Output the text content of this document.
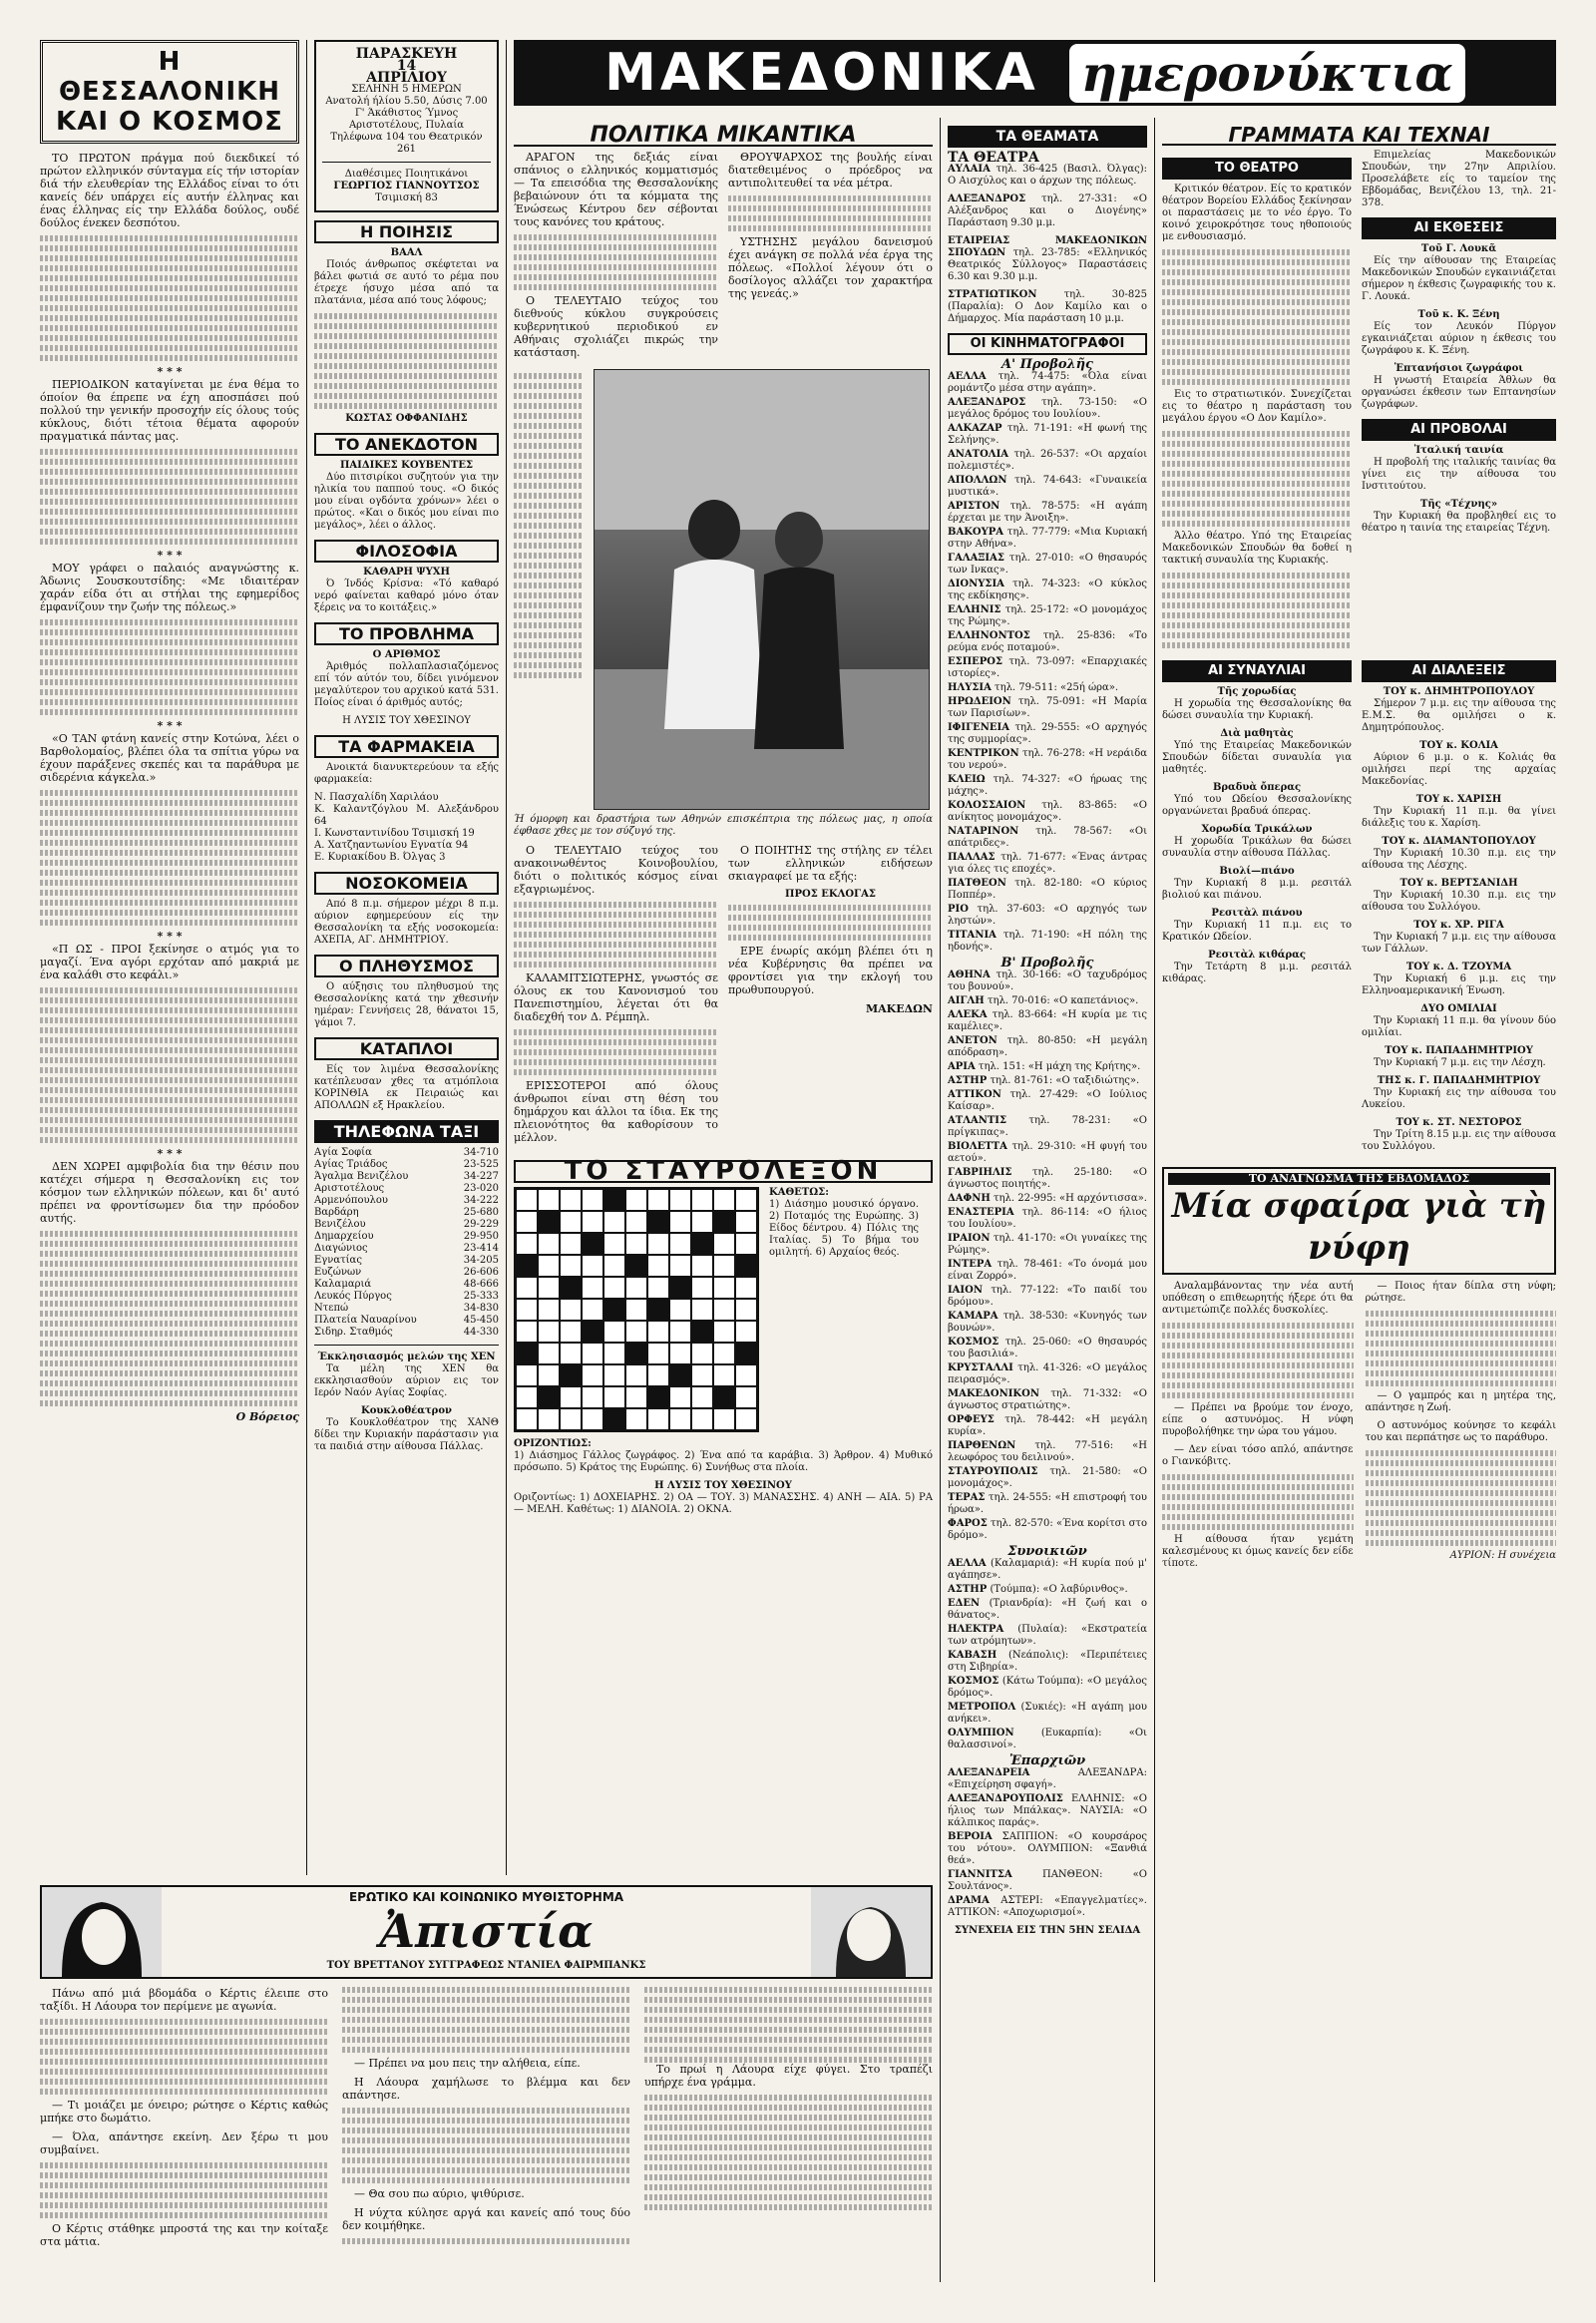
Η ΘΕΣΣΑΛΟΝΙΚΗ
ΚΑΙ Ο ΚΟΣΜΟΣ

ΤΟ ΠΡΩΤΟΝ πράγμα πού διεκδικεί τό πρώτον ελληνικόν σύνταγμα είς τήν ιστορίαν διά τήν ελευθερίαν της Ελλάδος είναι το ότι κανείς δέν υπάρχει είς αυτήν έλληνας και ένας έλληνας είς την Ελλάδα δούλος, ουδέ δούλος ένεκεν δεσπότου.

* * *

ΠΕΡΙΟΔΙΚΟΝ καταγίνεται με ένα θέμα το όποίον θα έπρεπε να έχη αποσπάσει πού πολλού την γενικήν προσοχήν είς όλους τούς κύκλους, διότι τέτοια θέματα αφορούν πραγματικά πάντας μας.

* * *

ΜΟΥ γράφει ο παλαιός αναγνώστης κ. Άδωνις Σουσκουτσίδης: «Με ιδιαιτέραν χαράν είδα ότι αι στήλαι της εφημερίδος έμφανίζουν την ζωήν της πόλεως.»

* * *

«Ο ΤΑΝ φτάνη κανείς στην Κοτώνα, λέει ο Βαρθολομαίος, βλέπει όλα τα σπίτια γύρω να έχουν παράξενες σκεπές και τα παράθυρα με σιδερένια κάγκελα.»

* * *

«Π ΩΣ - ΠΡΟΙ ξεκίνησε ο ατμός για το μαγαζί. Ένα αγόρι ερχόταν από μακριά με ένα καλάθι στο κεφάλι.»

* * *

ΔΕΝ ΧΩΡΕΙ αμφιβολία δια την θέσιν που κατέχει σήμερα η Θεσσαλονίκη εις τον κόσμον των ελληνικών πόλεων, και δι' αυτό πρέπει να φροντίσωμεν δια την πρόοδον αυτής.

Ο Βόρειος
ΠΑΡΑΣΚΕΥΗ
14
ΑΠΡΙΛΙΟΥ
ΣΕΛΗΝΗ 5 ΗΜΕΡΩΝ
Ανατολή ήλίου 5.50, Δύσις 7.00
Γ' Άκάθιστος Ύμνος
Αριστοτέλους, Πυλαία
Τηλέφωνα 104 του Θεατρικόν 261
Διαθέσιμες Ποιητικάνοι
ΓΕΩΡΓΙΟΣ ΓΙΑΝΝΟΥΤΣΟΣ
Τσιμισκή 83
Η ΠΟΙΗΣΙΣ
ΒΑΑΛ

Ποιός άνθρωπος σκέφτεται να βάλει φωτιά σε αυτό το ρέμα που έτρεχε ήσυχο μέσα από τα πλατάνια, μέσα από τους λόφους;

ΚΩΣΤΑΣ ΟΦΦΑΝΙΔΗΣ
ΤΟ ΑΝΕΚΔΟΤΟΝ
ΠΑΙΔΙΚΕΣ ΚΟΥΒΕΝΤΕΣ

Δύο πιτσιρίκοι συζητούν για την ηλικία του παππού τους. «Ο δικός μου είναι ογδόντα χρόνων» λέει ο πρώτος. «Και ο δικός μου είναι πιο μεγάλος», λέει ο άλλος.

ΦΙΛΟΣΟΦΙΑ
ΚΑΘΑΡΗ ΨΥΧΗ

Ό Ίνδός Κρίσνα: «Τό καθαρό νερό φαίνεται καθαρό μόνο όταν ξέρεις να το κοιτάξεις.»

ΤΟ ΠΡΟΒΛΗΜΑ
Ο ΑΡΙΘΜΟΣ

Άριθμός πολλαπλασιαζόμενος επί τόν αύτόν του, δίδει γινόμενον μεγαλύτερον του αρχικού κατά 531. Ποίος είναι ό άριθμός αυτός;

Η ΛΥΣΙΣ ΤΟΥ ΧΘΕΣΙΝΟΥ
ΤΑ ΦΑΡΜΑΚΕΙΑ

Ανοικτά διανυκτερεύουν τα εξής φαρμακεία:

Ν. Πασχαλίδη Χαριλάου
Κ. Καλαντζόγλου Μ. Αλεξάνδρου 64
Ι. Κωνσταντινίδου Τσιμισκή 19
Α. Χατζηαντωνίου Εγνατία 94
Ε. Κυριακίδου Β. Όλγας 3
ΝΟΣΟΚΟΜΕΙΑ

Από 8 π.μ. σήμερον μέχρι 8 π.μ. αύριον εφημερεύουν είς την Θεσσαλονίκη τα εξής νοσοκομεία: ΑΧΕΠΑ, ΑΓ. ΔΗΜΗΤΡΙΟΥ.

Ο ΠΛΗΘΥΣΜΟΣ

Ο αύξησις του πληθυσμού της Θεσσαλονίκης κατά την χθεσινήν ημέραν: Γεννήσεις 28, θάνατοι 15, γάμοι 7.

ΚΑΤΑΠΛΟΙ

Είς τον λιμένα Θεσσαλονίκης κατέπλευσαν χθες τα ατμόπλοια ΚΟΡΙΝΘΙΑ εκ Πειραιώς και ΑΠΟΛΛΩΝ εξ Ηρακλείου.

ΤΗΛΕΦΩΝΑ ΤΑΞΙ
Αγία Σοφία	34-710
Αγίας Τριάδος	23-525
Άγαλμα Βενιζέλου	34-227
Αριστοτέλους	23-020
Αρμενόπουλου	34-222
Βαρδάρη	25-680
Βενιζέλου	29-229
Δημαρχείου	29-950
Διαγώνιος	23-414
Εγνατίας	34-205
Ευζώνων	26-606
Καλαμαριά	48-666
Λευκός Πύργος	25-333
Ντεπώ	34-830
Πλατεία Ναυαρίνου	45-450
Σιδηρ. Σταθμός	44-330
Έκκλησιασμός μελών της ΧΕΝ

Τα μέλη της ΧΕΝ θα εκκλησιασθούν αύριον εις τον Ιερόν Ναόν Αγίας Σοφίας.

Κουκλοθέατρον

Το Κουκλοθέατρον της ΧΑΝΘ δίδει την Κυριακήν παράστασιν για τα παιδιά στην αίθουσα Πάλλας.

ΜΑΚΕΔΟΝΙΚΑ ημερονύκτια
ΠΟΛΙΤΙΚΑ ΜΙΚΑΝΤΙΚΑ

ΑΡΑΓΟΝ της δεξιάς είναι σπάνιος ο ελληνικός κομματισμός — Τα επεισόδια της Θεσσαλονίκης βεβαιώνουν ότι τα κόμματα της Ένώσεως Κέντρου δεν σέβονται τους κανόνες του κράτους.

Ο ΤΕΛΕΥΤΑΙΟ τεύχος του διεθνούς κύκλου συγκρούσεις κυβερνητικού περιοδικού εν Αθήναις σχολιάζει πικρώς την κατάσταση.

ΘΡΟΥΨΑΡΧΟΣ της βουλής είναι διατεθειμένος ο πρόεδρος να αντιπολιτευθεί τα νέα μέτρα.

ΥΣΤΗΣΗΣ μεγάλου δανεισμού έχει ανάγκη σε πολλά νέα έργα της πόλεως. «Πολλοί λέγουν ότι ο δοσίλογος αλλάζει τον χαρακτήρα της γενεάς.»

Ή όμορφη και δραστήρια των Αθηνών επισκέπτρια της πόλεως μας, η οποία έφθασε χθες με τον σύζυγό της.

Ο ΤΕΛΕΥΤΑΙΟ τεύχος του ανακοινωθέντος Κοινοβουλίου, διότι ο πολιτικός κόσμος είναι εξαγριωμένος.

ΚΑΛΑΜΙΤΣΙΩΤΕΡΗΣ, γνωστός σε όλους εκ του Κανονισμού του Πανεπιστημίου, λέγεται ότι θα διαδεχθή τον Δ. Ρέμπηλ.

ΕΡΙΣΣΟΤΕΡΟΙ από όλους άνθρωποι είναι στη θέση του δημάρχου και άλλοι τα ίδια. Εκ της πλειονότητος θα καθορίσουν το μέλλον.

Ο ΠΟΙΗΤΗΣ της στήλης εν τέλει των ελληνικών ειδήσεων σκιαγραφεί με τα εξής:

ΠΡΟΣ ΕΚΛΟΓΑΣ

ΕΡΕ ένωρίς ακόμη βλέπει ότι η νέα Κυβέρνησις θα πρέπει να φροντίσει για την εκλογή του πρωθυπουργού.

ΜΑΚΕΔΩΝ
ΤΟ ΣΤΑΥΡΟΛΕΞΟΝ
ΚΑΘΕΤΩΣ:

1) Διάσημο μουσικό όργανο. 2) Ποταμός της Ευρώπης. 3) Είδος δέντρου. 4) Πόλις της Ιταλίας. 5) Το βήμα του ομιλητή. 6) Αρχαίος θεός.

ΟΡΙΖΟΝΤΙΩΣ:

1) Διάσημος Γάλλος ζωγράφος. 2) Ένα από τα καράβια. 3) Άρθρον. 4) Μυθικό πρόσωπο. 5) Κράτος της Ευρώπης. 6) Συνήθως στα πλοία.

Η ΛΥΣΙΣ ΤΟΥ ΧΘΕΣΙΝΟΥ

Οριζοντίως: 1) ΔΟΧΕΙΑΡΗΣ. 2) ΟΑ — ΤΟΥ. 3) ΜΑΝΑΣΣΗΣ. 4) ΑΝΗ — ΑΙΑ. 5) ΡΑ — ΜΕΛΗ. Καθέτως: 1) ΔΙΑΝΟΙΑ. 2) ΟΚΝΑ.

ΤΑ ΘΕΑΜΑΤΑ
ΤΑ ΘΕΑΤΡΑ

ΑΥΛΑΙΑ τηλ. 36-425 (Βασιλ. Όλγας): Ο Αισχύλος και ο άρχων της πόλεως.

ΑΛΕΞΑΝΔΡΟΣ τηλ. 27-331: «Ο Αλέξανδρος και ο Διογένης» Παράσταση 9.30 μ.μ.

ΕΤΑΙΡΕΙΑΣ ΜΑΚΕΔΟΝΙΚΩΝ ΣΠΟΥΔΩΝ τηλ. 23-785: «Ελληνικός Θεατρικός Σύλλογος» Παραστάσεις 6.30 και 9.30 μ.μ.

ΣΤΡΑΤΙΩΤΙΚΟΝ	τηλ. 30-825 (Παραλία): Ο Δον Καμίλο και ο Δήμαρχος. Μία παράσταση 10 μ.μ.

ΟΙ ΚΙΝΗΜΑΤΟΓΡΑΦΟΙ
Α' Προβολῆς

ΑΕΛΛΑ τηλ. 74-475: «Όλα είναι ρομάντζο μέσα στην αγάπη».

ΑΛΕΞΑΝΔΡΟΣ τηλ. 73-150: «Ο μεγάλος δρόμος του Ιουλίου».

ΑΛΚΑΖΑΡ τηλ. 71-191: «Η φωνή της Σελήνης».

ΑΝΑΤΟΛΙΑ τηλ. 26-537: «Οι αρχαίοι πολεμιστές».

ΑΠΟΛΛΩΝ τηλ. 74-643: «Γυναικεία μυστικά».

ΑΡΙΣΤΟΝ τηλ. 78-575: «Η αγάπη έρχεται με την Άνοιξη».

ΒΑΚΟΥΡΑ τηλ. 77-779: «Μια Κυριακή στην Αθήνα».

ΓΑΛΑΞΙΑΣ τηλ. 27-010: «Ο θησαυρός των Ινκας».

ΔΙΟΝΥΣΙΑ τηλ. 74-323: «Ο κύκλος της εκδίκησης».

ΕΛΛΗΝΙΣ τηλ. 25-172: «Ο μονομάχος της Ρώμης».

ΕΛΛΗΝΟΝΤΟΣ τηλ. 25-836: «Το ρεύμα ενός ποταμού».

ΕΣΠΕΡΟΣ τηλ. 73-097: «Επαρχιακές ιστορίες».

ΗΛΥΣΙΑ τηλ. 79-511: «25ή ώρα».

ΗΡΩΔΕΙΟΝ τηλ. 75-091: «Η Μαρία των Παρισίων».

ΙΦΙΓΕΝΕΙΑ τηλ. 29-555: «Ο αρχηγός της συμμορίας».

ΚΕΝΤΡΙΚΟΝ τηλ. 76-278: «Η νεράιδα του νερού».

ΚΛΕΙΩ τηλ. 74-327: «Ο ήρωας της μάχης».

ΚΟΛΟΣΣΑΙΟΝ τηλ. 83-865: «Ο ανίκητος μονομάχος».

ΝΑΤΑΡΙΝΟΝ τηλ. 78-567: «Οι απάτριδες».

ΠΑΛΛΑΣ τηλ. 71-677: «Ένας άντρας για όλες τις εποχές».

ΠΑΤΘΕΟΝ τηλ. 82-180: «Ο κύριος Ποππέρ».

ΡΙΟ τηλ. 37-603: «Ο αρχηγός των ληστών».

ΤΙΤΑΝΙΑ τηλ. 71-190: «Η πόλη της ηδονής».

Β' Προβολῆς

ΑΘΗΝΑ τηλ. 30-166: «Ο ταχυδρόμος του βουνού».

ΑΙΓΛΗ τηλ. 70-016: «Ο καπετάνιος».

ΑΛΕΚΑ τηλ. 83-664: «Η κυρία με τις καμέλιες».

ΑΝΕΤΟΝ τηλ. 80-850: «Η μεγάλη απόδραση».

ΑΡΙΑ τηλ. 151: «Η μάχη της Κρήτης».

ΑΣΤΗΡ τηλ. 81-761: «Ο ταξιδιώτης».

ΑΤΤΙΚΟΝ τηλ. 27-429: «Ο Ιούλιος Καίσαρ».

ΑΤΛΑΝΤΙΣ τηλ. 78-231: «Ο πρίγκιπας».

ΒΙΟΛΕΤΤΑ τηλ. 29-310: «Η φυγή του αετού».

ΓΑΒΡΙΗΛΙΣ τηλ. 25-180: «Ο άγνωστος ποιητής».

ΔΑΦΝΗ τηλ. 22-995: «Η αρχόντισσα».

ΕΝΑΣΤΕΡΙΑ τηλ. 86-114: «Ο ήλιος του Ιουλίου».

ΙΡΑΙΟΝ τηλ. 41-170: «Οι γυναίκες της Ρώμης».

ΙΝΤΕΡΑ τηλ. 78-461: «Το όνομά μου είναι Ζορρό».

ΙΑΙΟΝ τηλ. 77-122: «Το παιδί του δρόμου».

ΚΑΜΑΡΑ τηλ. 38-530: «Κυνηγός των βουνών».

ΚΟΣΜΟΣ τηλ. 25-060: «Ο θησαυρός του βασιλιά».

ΚΡΥΣΤΑΛΛΙ τηλ. 41-326: «Ο μεγάλος πειρασμός».

ΜΑΚΕΔΟΝΙΚΟΝ τηλ. 71-332: «Ο άγνωστος στρατιώτης».

ΟΡΦΕΥΣ τηλ. 78-442: «Η μεγάλη κυρία».

ΠΑΡΘΕΝΩΝ τηλ. 77-516: «Η λεωφόρος του δειλινού».

ΣΤΑΥΡΟΥΠΟΛΙΣ τηλ. 21-580: «Ο μονομάχος».

ΤΕΡΑΣ τηλ. 24-555: «Η επιστροφή του ήρωα».

ΦΑΡΟΣ τηλ. 82-570: «Ένα κορίτσι στο δρόμο».

Συνοικιῶν

ΑΕΛΛΑ (Καλαμαριά): «Η κυρία πού μ' αγάπησε».

ΑΣΤΗΡ (Τούμπα): «Ο λαβύρινθος».

ΕΔΕΝ (Τριανδρία): «Η ζωή και ο θάνατος».

ΗΛΕΚΤΡΑ (Πυλαία): «Εκστρατεία των ατρόμητων».

ΚΑΒΑΣΗ (Νεάπολις): «Περιπέτειες στη Σιβηρία».

ΚΟΣΜΟΣ (Κάτω Τούμπα): «Ο μεγάλος δρόμος».

ΜΕΤΡΟΠΟΛ (Συκιές): «Η αγάπη μου ανήκει».

ΟΛΥΜΠΙΟΝ	(Ευκαρπία): «Οι θαλασσινοί».

Ἐπαρχιῶν

ΑΛΕΞΑΝΔΡΕΙΑ	ΑΛΕΞΑΝΔΡΑ: «Επιχείρηση σφαγή».

ΑΛΕΞΑΝΔΡΟΥΠΟΛΙΣ ΕΛΛΗΝΙΣ: «Ο ήλιος των Μπάλκας». ΝΑΥΣΙΑ: «Ο κάλπικος παράς».

ΒΕΡΟΙΑ ΣΑΠΠΙΟΝ: «Ο κουρσάρος του νότου». ΟΛΥΜΠΙΟΝ: «Ξανθιά θεά».

ΓΙΑΝΝΙΤΣΑ	ΠΑΝΘΕΟΝ: «Ο Σουλτάνος».

ΔΡΑΜΑ ΑΣΤΕΡΙ: «Επαγγελματίες». ΑΤΤΙΚΟΝ: «Αποχωρισμοί».

ΣΥΝΕΧΕΙΑ ΕΙΣ ΤΗΝ 5ΗΝ ΣΕΛΙΔΑ
ΓΡΑΜΜΑΤΑ ΚΑΙ ΤΕΧΝΑΙ
ΤΟ ΘΕΑΤΡΟ

Κριτικόν θέατρον. Είς το κρατικόν θέατρον Βορείου Ελλάδος ξεκίνησαν οι παραστάσεις με το νέο έργο. Το κοινό χειροκρότησε τους ηθοποιούς με ενθουσιασμό.

Εις το στρατιωτικόν. Συνεχίζεται εις το θέατρο η παράσταση του μεγάλου έργου «Ο Δον Καμίλο».

Άλλο θέατρο. Υπό της Εταιρείας Μακεδονικών Σπουδών θα δοθεί η τακτική συναυλία της Κυριακής.

Επιμελείας Μακεδονικών Σπουδών, την 27ην Απριλίου. Προσελάβετε είς το ταμείον της Εβδομάδας, Βενιζέλου 13, τηλ. 21-378.

ΑΙ ΕΚΘΕΣΕΙΣ
Τοῦ Γ. Λουκᾶ

Είς την αίθουσαν της Εταιρείας Μακεδονικών Σπουδών εγκαινιάζεται σήμερον η έκθεσις ζωγραφικής του κ. Γ. Λουκά.

Τοῦ κ. Κ. Ξένη

Είς τον Λευκόν Πύργον εγκαινιάζεται αύριον η έκθεσις του ζωγράφου κ. Κ. Ξένη.

Ἑπτανήσιοι ζωγράφοι

Η γνωστή Εταιρεία Άθλων θα οργανώσει έκθεσιν των Επτανησίων ζωγράφων.

ΑΙ ΠΡΟΒΟΛΑΙ
Ἰταλική ταινία

Η προβολή της ιταλικής ταινίας θα γίνει εις την αίθουσα του Ινστιτούτου.

Τῆς «Τέχνης»

Την Κυριακή θα προβληθεί εις το θέατρο η ταινία της εταιρείας Τέχνη.

ΑΙ ΣΥΝΑΥΛΙΑΙ
Τῆς χορωδίας

Η χορωδία της Θεσσαλονίκης θα δώσει συναυλία την Κυριακή.

Διὰ μαθητὰς

Υπό της Εταιρείας Μακεδονικών Σπουδών δίδεται συναυλία για μαθητές.

Βραδυὰ ὄπερας

Υπό του Ωδείου Θεσσαλονίκης οργανώνεται βραδυά όπερας.

Χορωδία Τρικάλων

Η χορωδία Τρικάλων θα δώσει συναυλία στην αίθουσα Πάλλας.

Βιολί—πιάνο

Την Κυριακή 8 μ.μ. ρεσιτάλ βιολιού και πιάνου.

Ρεσιτὰλ πιάνου

Την Κυριακή 11 π.μ. εις το Κρατικόν Ωδείον.

Ρεσιτὰλ κιθάρας

Την Τετάρτη 8 μ.μ. ρεσιτάλ κιθάρας.

ΑΙ ΔΙΑΛΕΞΕΙΣ
ΤΟΥ κ. ΔΗΜΗΤΡΟΠΟΥΛΟΥ

Σήμερον 7 μ.μ. εις την αίθουσα της Ε.Μ.Σ. θα ομιλήσει ο κ. Δημητρόπουλος.

ΤΟΥ κ. ΚΟΛΙΑ

Αύριον 6 μ.μ. ο κ. Κολιάς θα ομιλήσει περί της αρχαίας Μακεδονίας.

ΤΟΥ κ. ΧΑΡΙΣΗ

Την Κυριακή 11 π.μ. θα γίνει διάλεξις του κ. Χαρίση.

ΤΟΥ κ. ΔΙΑΜΑΝΤΟΠΟΥΛΟΥ

Την Κυριακή 10.30 π.μ. εις την αίθουσα της Λέσχης.

ΤΟΥ κ. ΒΕΡΤΣΑΝΙΔΗ

Την Κυριακή 10.30 π.μ. εις την αίθουσα του Συλλόγου.

ΤΟΥ κ. ΧΡ. ΡΙΓΑ

Την Κυριακή 7 μ.μ. εις την αίθουσα των Γάλλων.

ΤΟΥ κ. Δ. ΤΖΟΥΜΑ

Την Κυριακή 6 μ.μ. εις την Ελληνοαμερικανική Ένωση.

ΔΥΟ ΟΜΙΛΙΑΙ

Την Κυριακή 11 π.μ. θα γίνουν δύο ομιλίαι.

ΤΟΥ κ. ΠΑΠΑΔΗΜΗΤΡΙΟΥ

Την Κυριακή 7 μ.μ. εις την Λέσχη.

ΤΗΣ κ. Γ. ΠΑΠΑΔΗΜΗΤΡΙΟΥ

Την Κυριακή εις την αίθουσα του Λυκείου.

ΤΟΥ κ. ΣΤ. ΝΕΣΤΟΡΟΣ

Την Τρίτη 8.15 μ.μ. εις την αίθουσα του Συλλόγου.

ΤΟ ΑΝΑΓΝΩΣΜΑ ΤΗΣ ΕΒΔΟΜΑΔΟΣ
Μία σφαίρα γιὰ τὴ νύφη

Αναλαμβάνοντας την νέα αυτή υπόθεση ο επιθεωρητής ήξερε ότι θα αντιμετώπιζε πολλές δυσκολίες.

— Πρέπει να βρούμε τον ένοχο, είπε ο αστυνόμος. Η νύφη πυροβολήθηκε την ώρα του γάμου.

— Δεν είναι τόσο απλό, απάντησε ο Γιανκόβιτς.

Η αίθουσα ήταν γεμάτη καλεσμένους κι όμως κανείς δεν είδε τίποτε.

— Ποιος ήταν δίπλα στη νύφη; ρώτησε.

— Ο γαμπρός και η μητέρα της, απάντησε η Ζωή.

Ο αστυνόμος κούνησε το κεφάλι του και περπάτησε ως το παράθυρο.

ΑΥΡΙΟΝ: Η συνέχεια
ΕΡΩΤΙΚΟ ΚΑΙ ΚΟΙΝΩΝΙΚΟ ΜΥΘΙΣΤΟΡΗΜΑ
Ἀπιστία
ΤΟΥ ΒΡΕΤΤΑΝΟΥ ΣΥΓΓΡΑΦΕΩΣ ΝΤΑΝΙΕΛ ΦΑΙΡΜΠΑΝΚΣ

Πάνω από μιά βδομάδα ο Κέρτις έλειπε στο ταξίδι. Η Λάουρα τον περίμενε με αγωνία.

— Τι μοιάζει με όνειρο; ρώτησε ο Κέρτις καθώς μπήκε στο δωμάτιο.

— Όλα, απάντησε εκείνη. Δεν ξέρω τι μου συμβαίνει.

Ο Κέρτις στάθηκε μπροστά της και την κοίταξε στα μάτια.

— Πρέπει να μου πεις την αλήθεια, είπε.

Η Λάουρα χαμήλωσε το βλέμμα και δεν απάντησε.

— Θα σου πω αύριο, ψιθύρισε.

Η νύχτα κύλησε αργά και κανείς από τους δύο δεν κοιμήθηκε.

Το πρωί η Λάουρα είχε φύγει. Στο τραπέζι υπήρχε ένα γράμμα.
